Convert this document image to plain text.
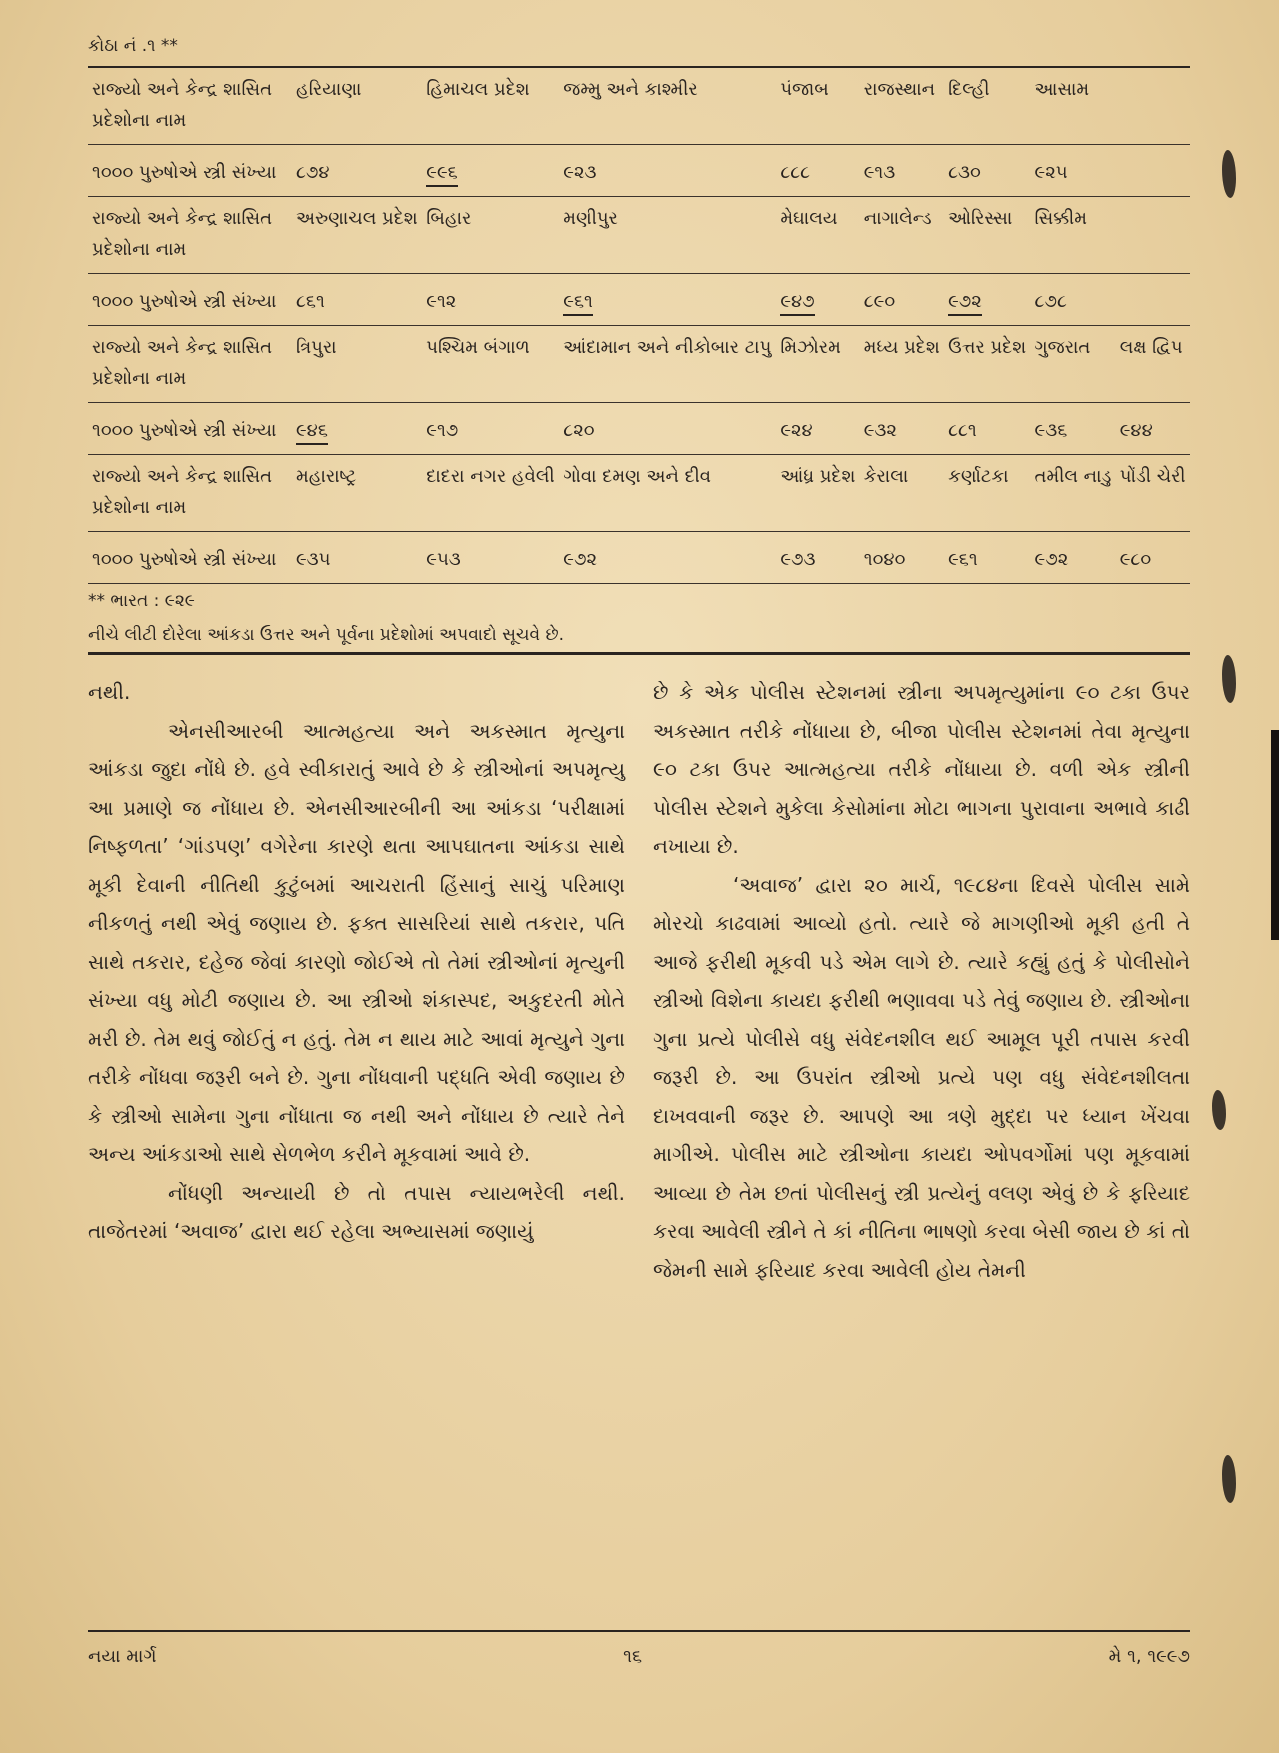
કોઠા નં .૧ **
રાજ્યો અને કેન્દ્ર શાસિત પ્રદેશોના નામ	હરિયાણા	હિમાચલ પ્રદેશ	જમ્મુ અને કાશ્મીર	પંજાબ	રાજસ્થાન	દિલ્હી	આસામ	
૧૦૦૦ પુરુષોએ સ્ત્રી સંખ્યા	૮૭૪	૯૯૬	૯૨૩	૮૮૮	૯૧૩	૮૩૦	૯૨૫	
રાજ્યો અને કેન્દ્ર શાસિત પ્રદેશોના નામ	અરુણાચલ પ્રદેશ	બિહાર	મણીપુર	મેઘાલય	નાગાલેન્ડ	ઓરિસ્સા	સિક્કીમ	
૧૦૦૦ પુરુષોએ સ્ત્રી સંખ્યા	૮૬૧	૯૧૨	૯૬૧	૯૪૭	૮૯૦	૯૭૨	૮૭૮	
રાજ્યો અને કેન્દ્ર શાસિત પ્રદેશોના નામ	ત્રિપુરા	પશ્ચિમ બંગાળ	આંદામાન અને નીકોબાર ટાપુ	મિઝોરમ	મધ્ય પ્રદેશ	ઉત્તર પ્રદેશ	ગુજરાત	લક્ષ દ્વિપ
૧૦૦૦ પુરુષોએ સ્ત્રી સંખ્યા	૯૪૬	૯૧૭	૮૨૦	૯૨૪	૯૩૨	૮૮૧	૯૩૬	૯૪૪
રાજ્યો અને કેન્દ્ર શાસિત પ્રદેશોના નામ	મહારાષ્ટ્ર	દાદરા નગર હવેલી	ગોવા દમણ અને દીવ	આંધ્ર પ્રદેશ	કેરાલા	કર્ણાટકા	તમીલ નાડુ	પોંડી ચેરી
૧૦૦૦ પુરુષોએ સ્ત્રી સંખ્યા	૯૩૫	૯૫૩	૯૭૨	૯૭૩	૧૦૪૦	૯૬૧	૯૭૨	૯૮૦
** ભારત : ૯૨૯
નીચે લીટી દોરેલા આંકડા ઉત્તર અને પૂર્વના પ્રદેશોમાં અપવાદો સૂચવે છે.

નથી.

એનસીઆરબી આત્મહત્યા અને અકસ્માત મૃત્યુના આંકડા જુદા નોંધે છે. હવે સ્વીકારાતું આવે છે કે સ્ત્રીઓનાં અપમૃત્યુ આ પ્રમાણે જ નોંધાય છે. એનસીઆરબીની આ આંકડા ‘પરીક્ષામાં નિષ્ફળતા’ ‘ગાંડપણ’ વગેરેના કારણે થતા આપઘાતના આંકડા સાથે મૂકી દેવાની નીતિથી કુટુંબમાં આચરાતી હિંસાનું સાચું પરિમાણ નીકળતું નથી એવું જણાય છે. ફક્ત સાસરિયાં સાથે તકરાર, પતિ સાથે તકરાર, દહેજ જેવાં કારણો જોઈએ તો તેમાં સ્ત્રીઓનાં મૃત્યુની સંખ્યા વધુ મોટી જણાય છે. આ સ્ત્રીઓ શંકાસ્પદ, અકુદરતી મોતે મરી છે. તેમ થવું જોઈતું ન હતું. તેમ ન થાય માટે આવાં મૃત્યુને ગુના તરીકે નોંધવા જરૂરી બને છે. ગુના નોંધવાની પદ્ધતિ એવી જણાય છે કે સ્ત્રીઓ સામેના ગુના નોંધાતા જ નથી અને નોંધાય છે ત્યારે તેને અન્ય આંકડાઓ સાથે સેળભેળ કરીને મૂકવામાં આવે છે.

નોંધણી અન્યાયી છે તો તપાસ ન્યાયભરેલી નથી. તાજેતરમાં ‘અવાજ’ દ્વારા થઈ રહેલા અભ્યાસમાં જણાયું

છે કે એક પોલીસ સ્ટેશનમાં સ્ત્રીના અપમૃત્યુમાંના ૯૦ ટકા ઉપર અકસ્માત તરીકે નોંધાયા છે, બીજા પોલીસ સ્ટેશનમાં તેવા મૃત્યુના ૯૦ ટકા ઉપર આત્મહત્યા તરીકે નોંધાયા છે. વળી એક સ્ત્રીની પોલીસ સ્ટેશને મુકેલા કેસોમાંના મોટા ભાગના પુરાવાના અભાવે કાઢી નખાયા છે.

‘અવાજ’ દ્વારા ૨૦ માર્ચ, ૧૯૮૪ના દિવસે પોલીસ સામે મોરચો કાઢવામાં આવ્યો હતો. ત્યારે જે માગણીઓ મૂકી હતી તે આજે ફરીથી મૂકવી પડે એમ લાગે છે. ત્યારે કહ્યું હતું કે પોલીસોને સ્ત્રીઓ વિશેના કાયદા ફરીથી ભણાવવા પડે તેવું જણાય છે. સ્ત્રીઓના ગુના પ્રત્યે પોલીસે વધુ સંવેદનશીલ થઈ આમૂલ પૂરી તપાસ કરવી જરૂરી છે. આ ઉપરાંત સ્ત્રીઓ પ્રત્યે પણ વધુ સંવેદનશીલતા દાખવવાની જરૂર છે. આપણે આ ત્રણે મુદ્દા પર ધ્યાન ખેંચવા માગીએ. પોલીસ માટે સ્ત્રીઓના કાયદા ઓપવર્ગોમાં પણ મૂકવામાં આવ્યા છે તેમ છતાં પોલીસનું સ્ત્રી પ્રત્યેનું વલણ એવું છે કે ફરિયાદ કરવા આવેલી સ્ત્રીને તે કાં નીતિના ભાષણો કરવા બેસી જાય છે કાં તો જેમની સામે ફરિયાદ કરવા આવેલી હોય તેમની

નયા માર્ગ	૧૬	મે ૧, ૧૯૯૭
